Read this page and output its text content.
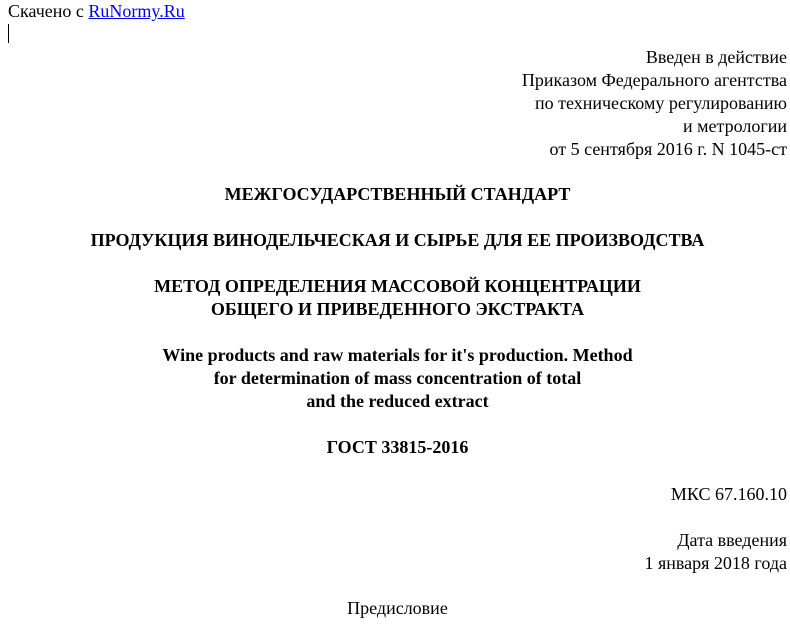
Скачено с RuNormy.Ru
Введен в действие
Приказом Федерального агентства
по техническому регулированию
и метрологии
от 5 сентября 2016 г. N 1045-ст
МЕЖГОСУДАРСТВЕННЫЙ СТАНДАРТ
ПРОДУКЦИЯ ВИНОДЕЛЬЧЕСКАЯ И СЫРЬЕ ДЛЯ ЕЕ ПРОИЗВОДСТВА
МЕТОД ОПРЕДЕЛЕНИЯ МАССОВОЙ КОНЦЕНТРАЦИИ
ОБЩЕГО И ПРИВЕДЕННОГО ЭКСТРАКТА
Wine products and raw materials for it's production. Method
for determination of mass concentration of total
and the reduced extract
ГОСТ 33815-2016
МКС 67.160.10
Дата введения
1 января 2018 года
Предисловие
